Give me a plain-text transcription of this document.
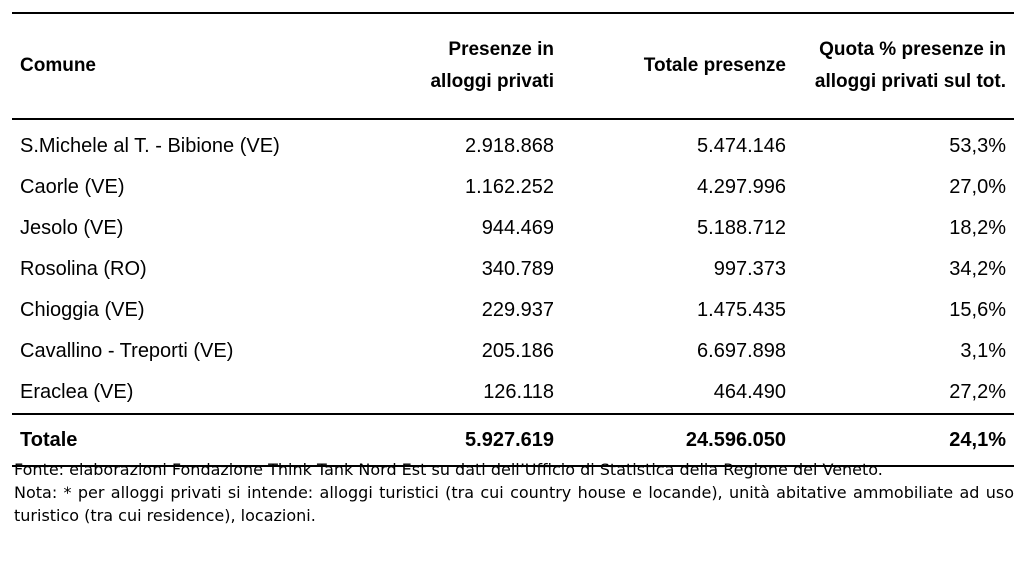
Comune	Presenze in alloggi privati	Totale presenze	Quota % presenze in alloggi privati sul tot.
S.Michele al T. - Bibione (VE)	2.918.868	5.474.146	53,3%
Caorle (VE)	1.162.252	4.297.996	27,0%
Jesolo (VE)	944.469	5.188.712	18,2%
Rosolina (RO)	340.789	997.373	34,2%
Chioggia (VE)	229.937	1.475.435	15,6%
Cavallino - Treporti (VE)	205.186	6.697.898	3,1%
Eraclea (VE)	126.118	464.490	27,2%
Totale	5.927.619	24.596.050	24,1%

Fonte: elaborazioni Fondazione Think Tank Nord Est su dati dell’Ufficio di Statistica della Regione del Veneto.

Nota: * per alloggi privati si intende: alloggi turistici (tra cui country house e locande), unità abitative ammobiliate ad uso turistico (tra cui residence), locazioni.
